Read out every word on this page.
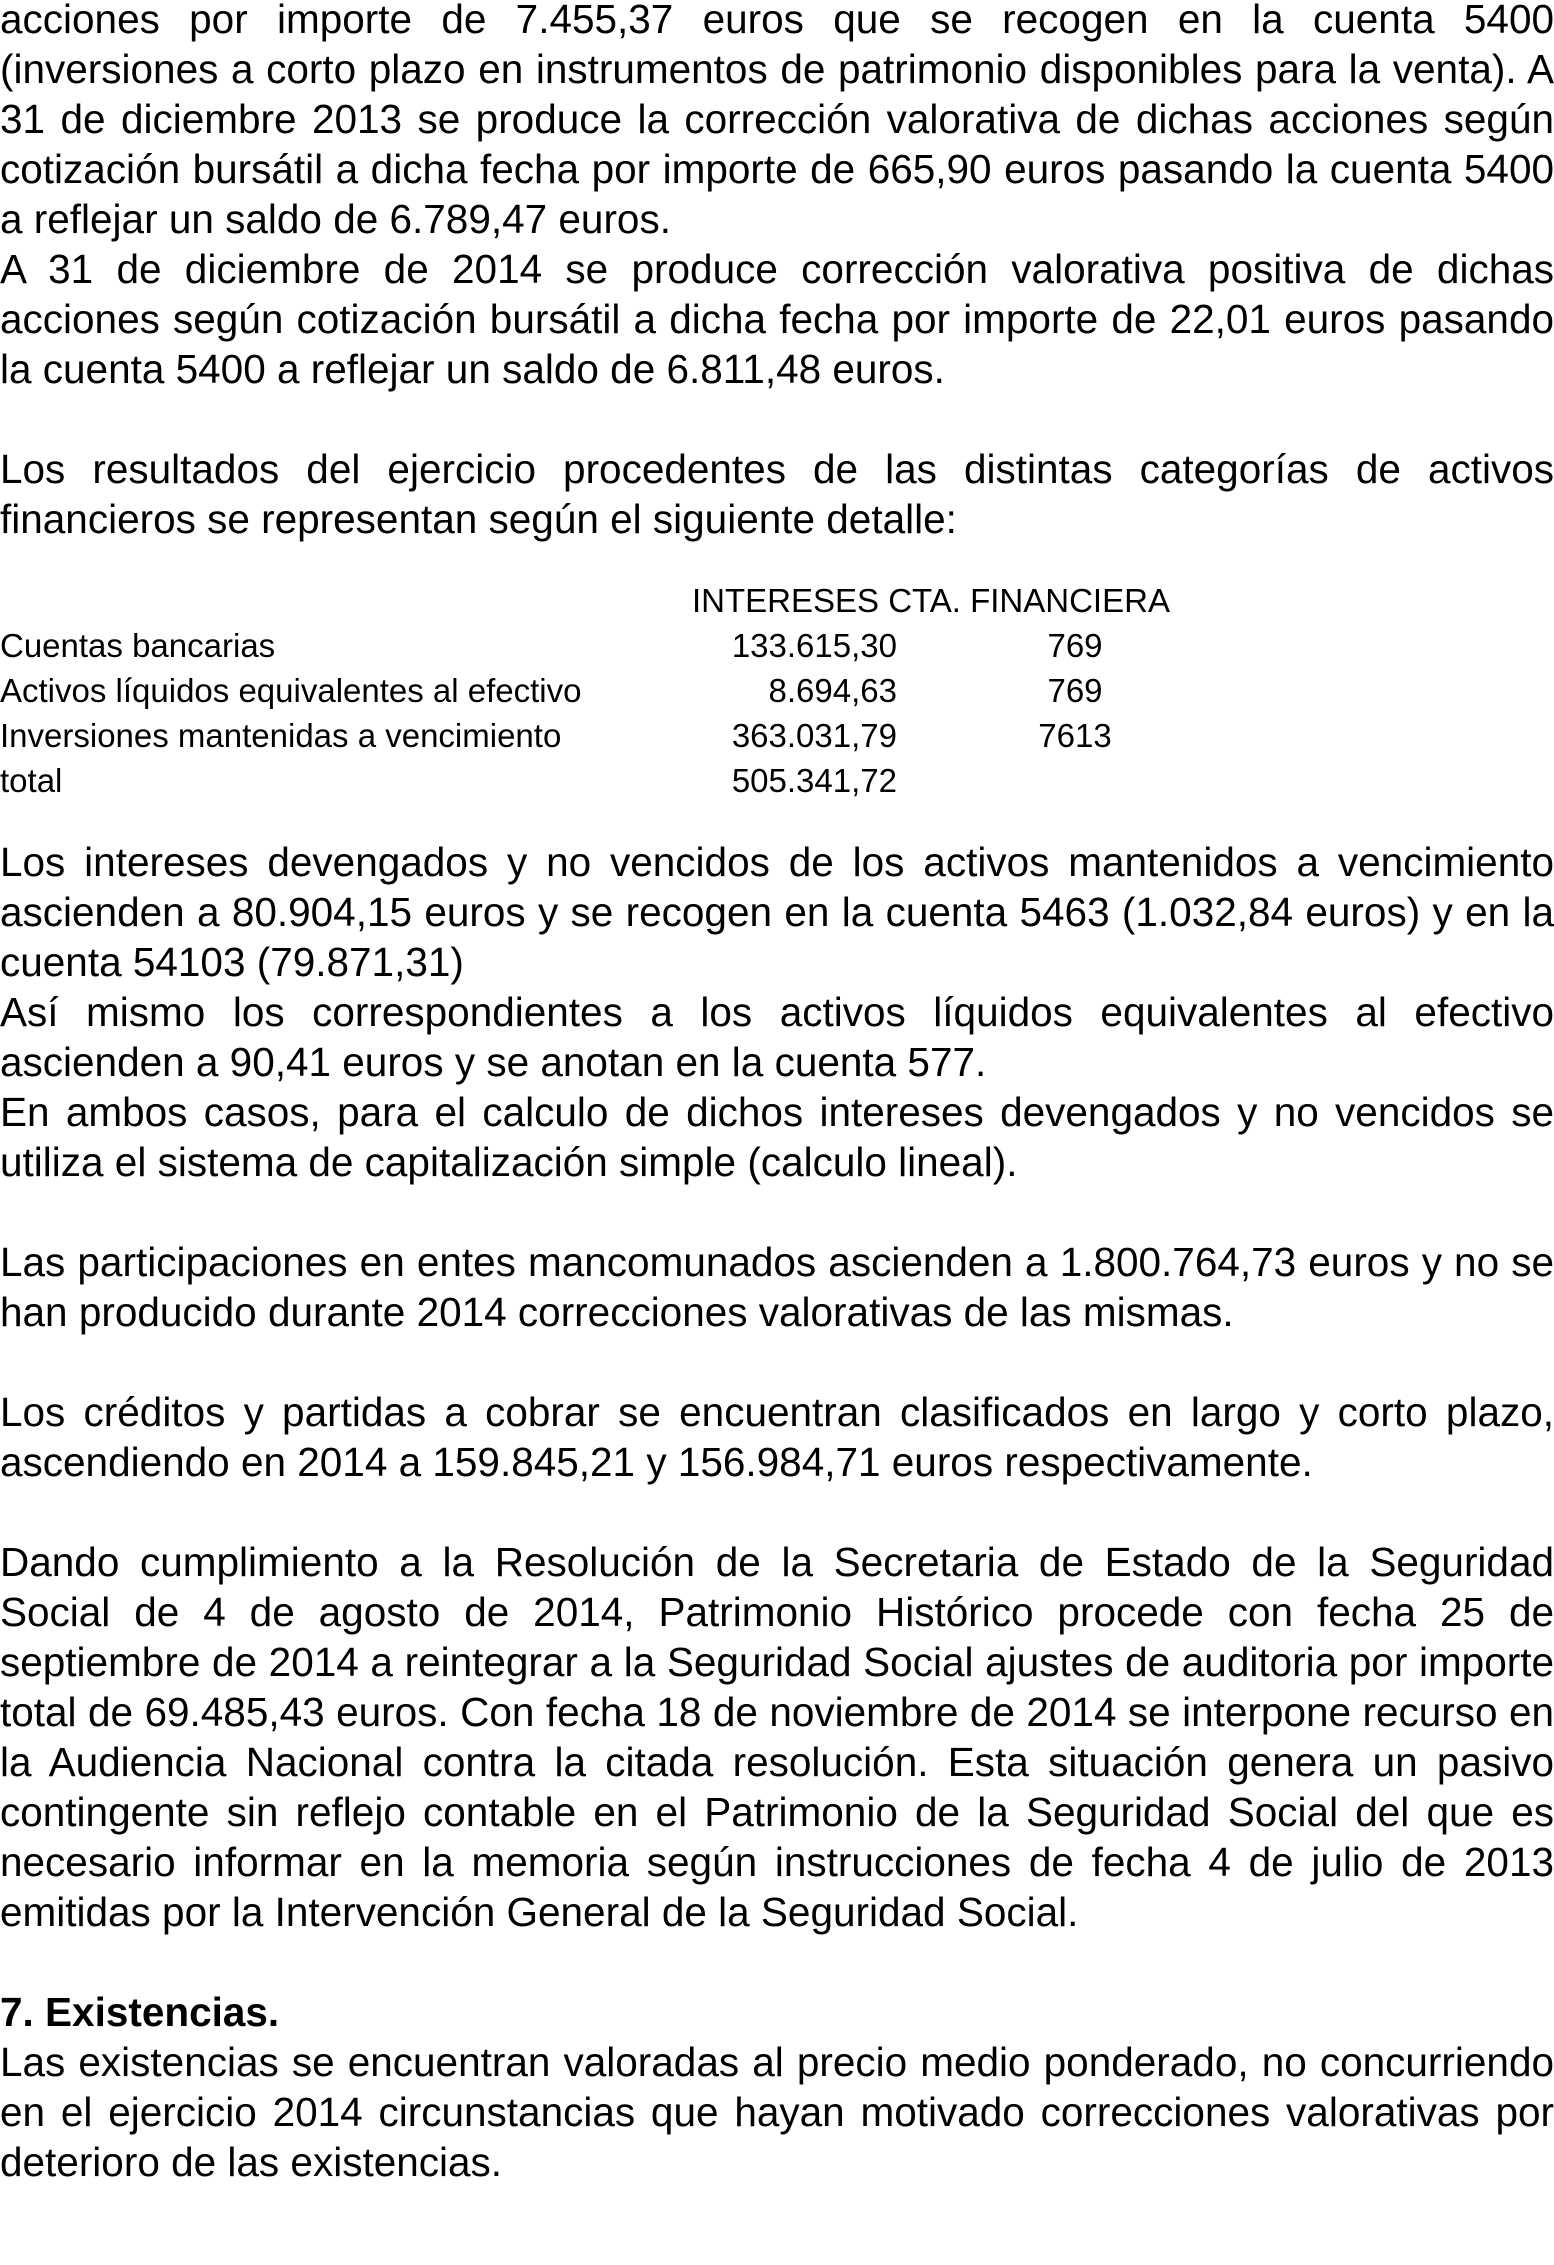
acciones por importe de 7.455,37 euros que se recogen en la cuenta 5400 (inversiones a corto plazo en instrumentos de patrimonio disponibles para la venta). A 31 de diciembre 2013 se produce la corrección valorativa de dichas acciones según cotización bursátil a dicha fecha por importe de 665,90 euros pasando la cuenta 5400 a reflejar un saldo de 6.789,47 euros.

A 31 de diciembre de 2014 se produce corrección valorativa positiva de dichas acciones según cotización bursátil a dicha fecha por importe de 22,01 euros pasando la cuenta 5400 a reflejar un saldo de 6.811,48 euros.

Los resultados del ejercicio procedentes de las distintas categorías de activos financieros se representan según el siguiente detalle:

INTERESES CTA. FINANCIERA
Cuentas bancarias	133.615,30	769
Activos líquidos equivalentes al efectivo	8.694,63	769
Inversiones mantenidas a vencimiento	363.031,79	7613
total	505.341,72

Los intereses devengados y no vencidos de los activos mantenidos a vencimiento ascienden a 80.904,15 euros y se recogen en la cuenta 5463 (1.032,84 euros) y en la cuenta 54103 (79.871,31)

Así mismo los correspondientes a los activos líquidos equivalentes al efectivo ascienden a 90,41 euros y se anotan en la cuenta 577.

En ambos casos, para el calculo de dichos intereses devengados y no vencidos se utiliza el sistema de capitalización simple (calculo lineal).

Las participaciones en entes mancomunados ascienden a 1.800.764,73 euros y no se han producido durante 2014 correcciones valorativas de las mismas.

Los créditos y partidas a cobrar se encuentran clasificados en largo y corto plazo, ascendiendo en 2014 a 159.845,21 y 156.984,71 euros respectivamente.

Dando cumplimiento a la Resolución de la Secretaria de Estado de la Seguridad Social de 4 de agosto de 2014, Patrimonio Histórico procede con fecha 25 de septiembre de 2014 a reintegrar a la Seguridad Social ajustes de auditoria por importe total de 69.485,43 euros. Con fecha 18 de noviembre de 2014 se interpone recurso en la Audiencia Nacional contra la citada resolución. Esta situación genera un pasivo contingente sin reflejo contable en el Patrimonio de la Seguridad Social del que es necesario informar en la memoria según instrucciones de fecha 4 de julio de 2013 emitidas por la Intervención General de la Seguridad Social.

7. Existencias.

Las existencias se encuentran valoradas al precio medio ponderado, no concurriendo en el ejercicio 2014 circunstancias que hayan motivado correcciones valorativas por deterioro de las existencias.
